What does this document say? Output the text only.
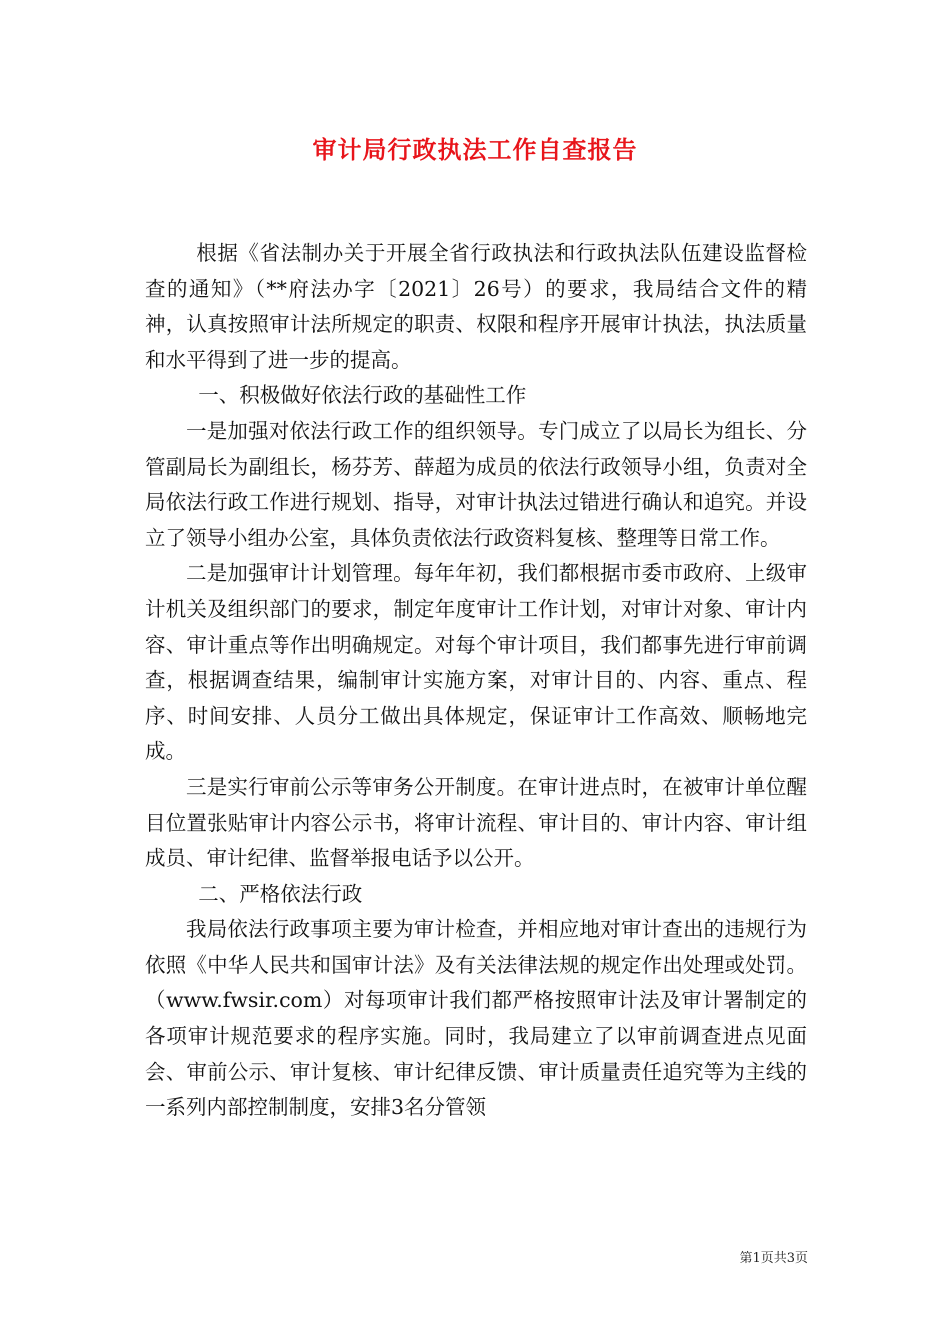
审计局行政执法工作自查报告

根据《省法制办关于开展全省行政执法和行政执法队伍建设监督检查的通知》（**府法办字〔2021〕26号）的要求，我局结合文件的精神，认真按照审计法所规定的职责、权限和程序开展审计执法，执法质量和水平得到了进一步的提高。

一、积极做好依法行政的基础性工作

一是加强对依法行政工作的组织领导。专门成立了以局长为组长、分管副局长为副组长，杨芬芳、薛超为成员的依法行政领导小组，负责对全局依法行政工作进行规划、指导，对审计执法过错进行确认和追究。并设立了领导小组办公室，具体负责依法行政资料复核、整理等日常工作。

二是加强审计计划管理。每年年初，我们都根据市委市政府、上级审计机关及组织部门的要求，制定年度审计工作计划，对审计对象、审计内容、审计重点等作出明确规定。对每个审计项目，我们都事先进行审前调查，根据调查结果，编制审计实施方案，对审计目的、内容、重点、程序、时间安排、人员分工做出具体规定，保证审计工作高效、顺畅地完成。

三是实行审前公示等审务公开制度。在审计进点时，在被审计单位醒目位置张贴审计内容公示书，将审计流程、审计目的、审计内容、审计组成员、审计纪律、监督举报电话予以公开。

二、严格依法行政

我局依法行政事项主要为审计检查，并相应地对审计查出的违规行为依照《中华人民共和国审计法》及有关法律法规的规定作出处理或处罚。（www.fwsir.com）对每项审计我们都严格按照审计法及审计署制定的各项审计规范要求的程序实施。同时，我局建立了以审前调查进点见面会、审前公示、审计复核、审计纪律反馈、审计质量责任追究等为主线的一系列内部控制制度，安排3名分管领

第1页共3页
